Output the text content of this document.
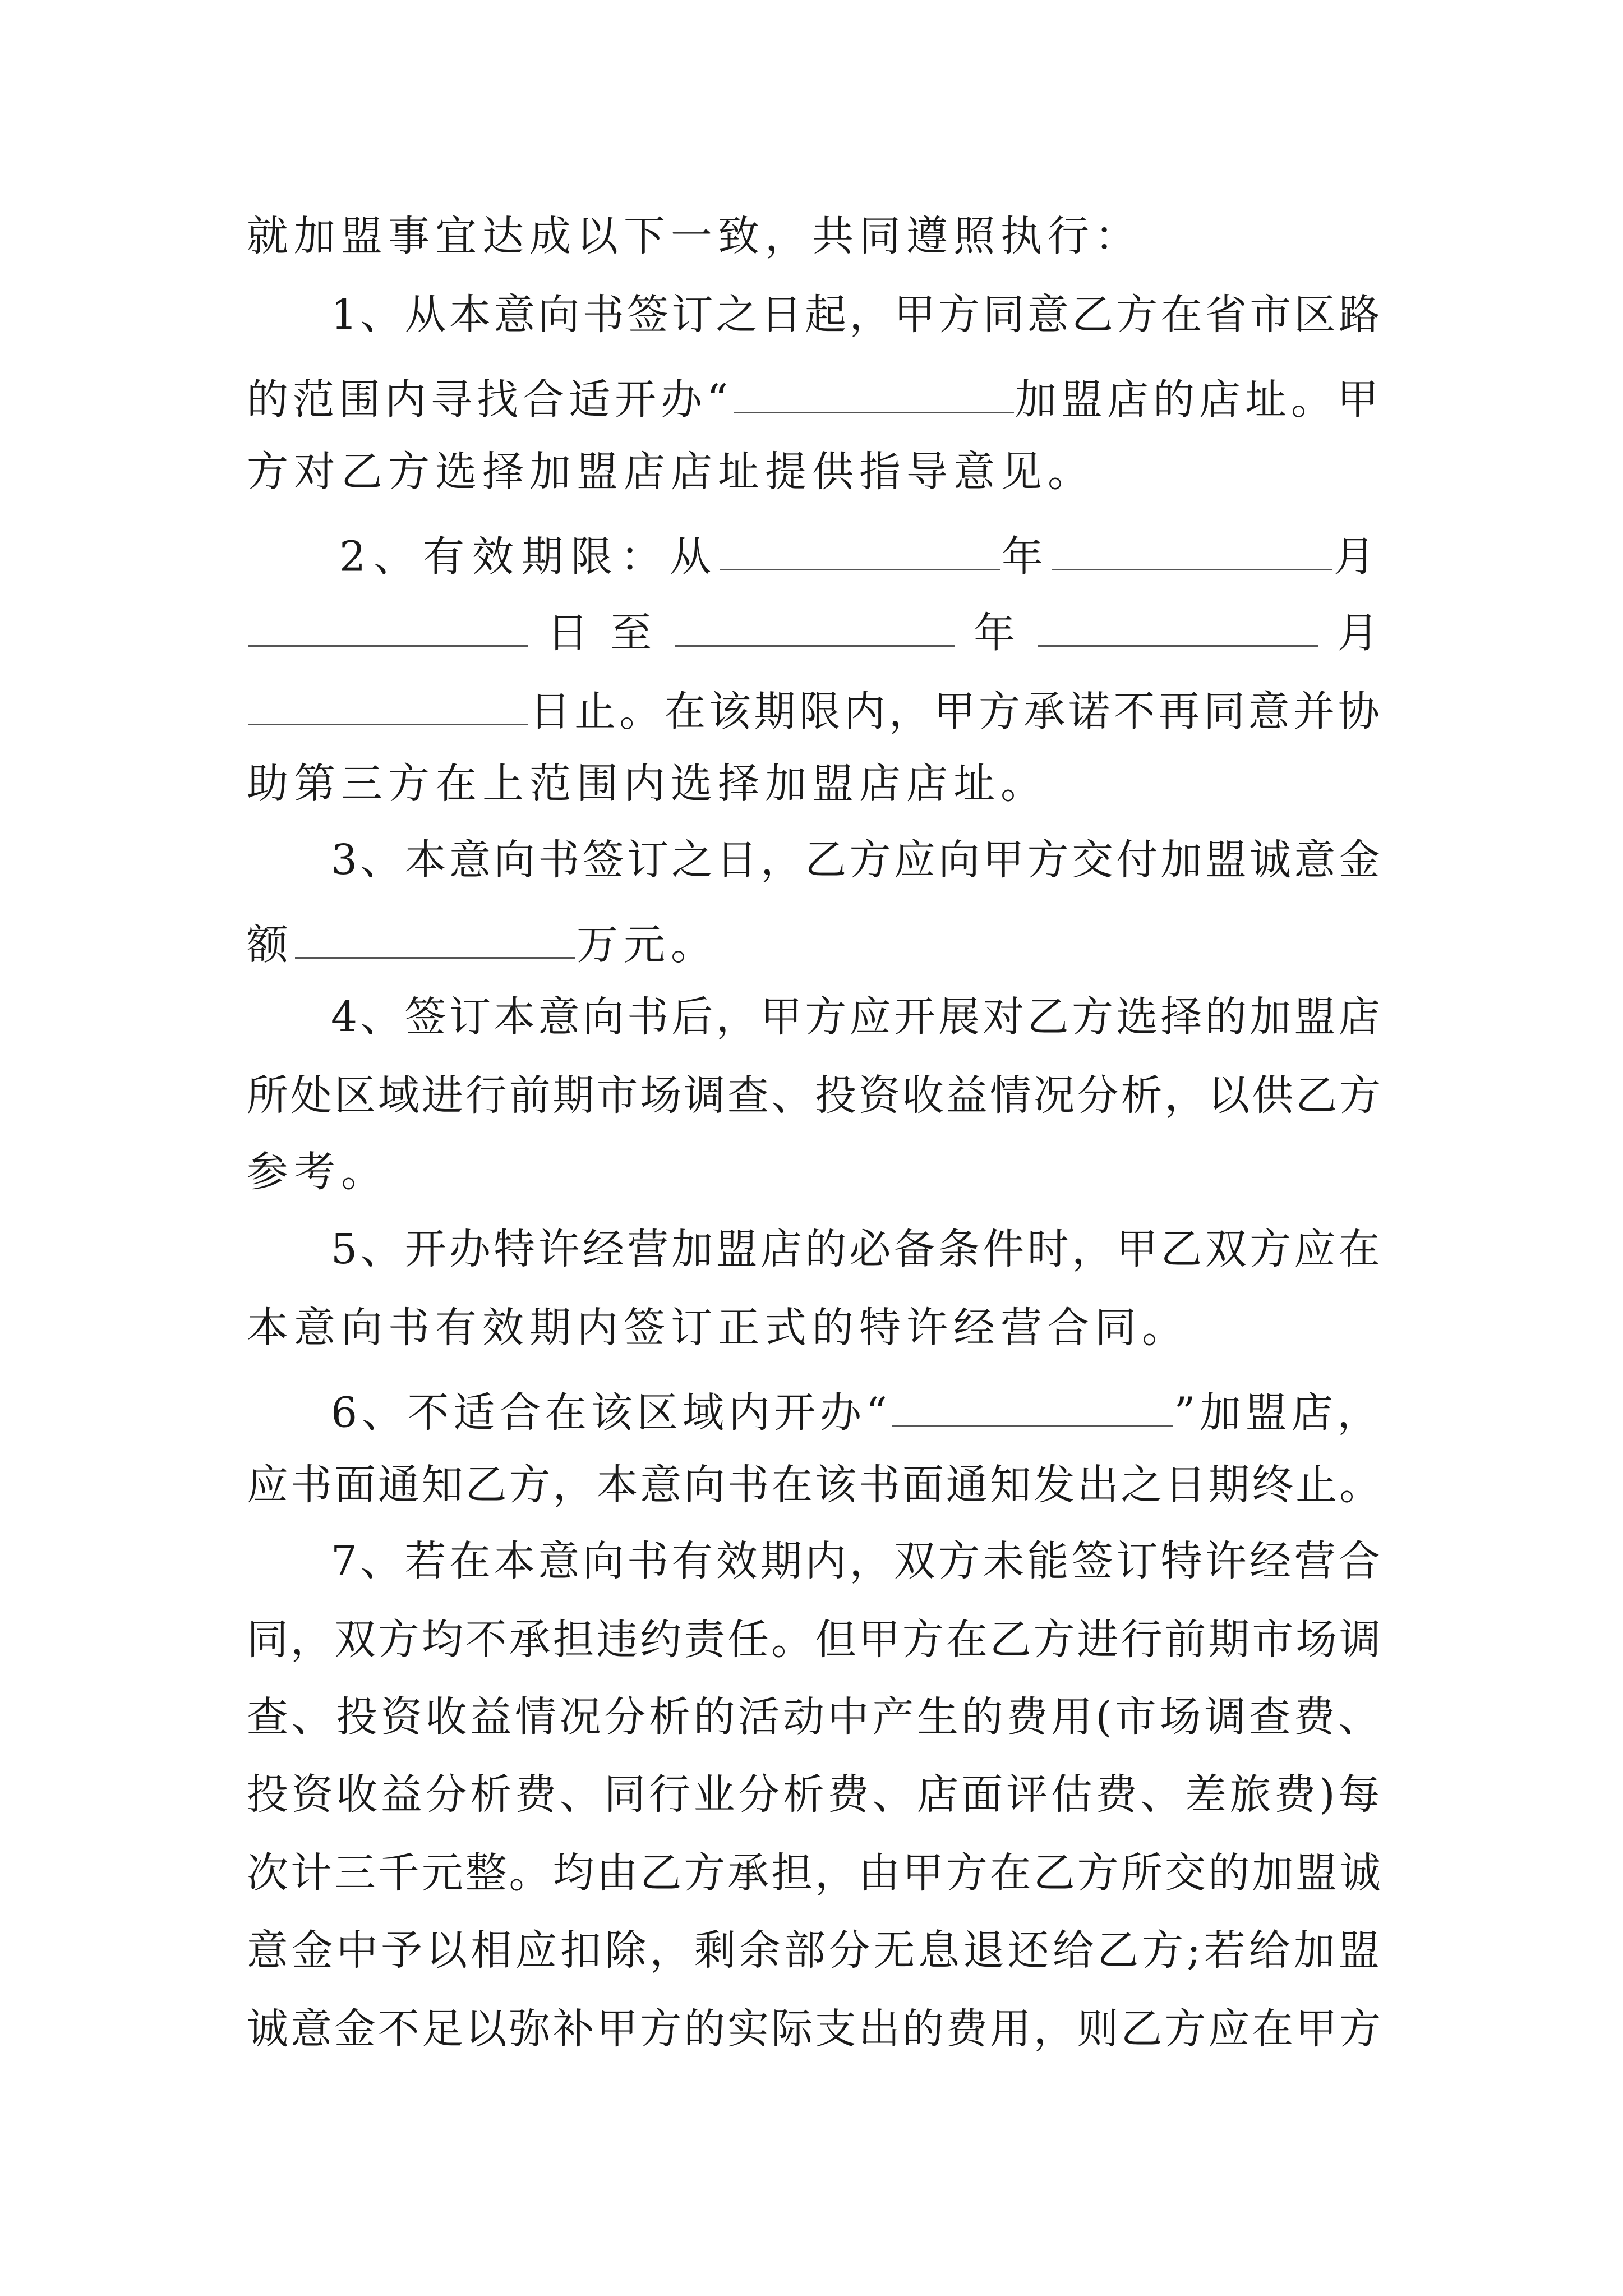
就加盟事宜达成以下一致，共同遵照执行：
1、从本意向书签订之日起，甲方同意乙方在省市区路
的范围内寻找合适开办“	加盟店的店址。甲
方对乙方选择加盟店店址提供指导意见。
2、有效期限：从	年	月
日 至	年	月
日止。在该期限内，甲方承诺不再同意并协
助第三方在上范围内选择加盟店店址。
3、本意向书签订之日，乙方应向甲方交付加盟诚意金
额	万元。
4、签订本意向书后，甲方应开展对乙方选择的加盟店
所处区域进行前期市场调查、投资收益情况分析，以供乙方
参考。
5、开办特许经营加盟店的必备条件时，甲乙双方应在
本意向书有效期内签订正式的特许经营合同。
6、不适合在该区域内开办“	”加盟店，
应书面通知乙方，本意向书在该书面通知发出之日期终止。
7、若在本意向书有效期内，双方未能签订特许经营合
同，双方均不承担违约责任。但甲方在乙方进行前期市场调
查、投资收益情况分析的活动中产生的费用(市场调查费、
投资收益分析费、同行业分析费、店面评估费、差旅费)每
次计三千元整。均由乙方承担，由甲方在乙方所交的加盟诚
意金中予以相应扣除，剩余部分无息退还给乙方;若给加盟
诚意金不足以弥补甲方的实际支出的费用，则乙方应在甲方
